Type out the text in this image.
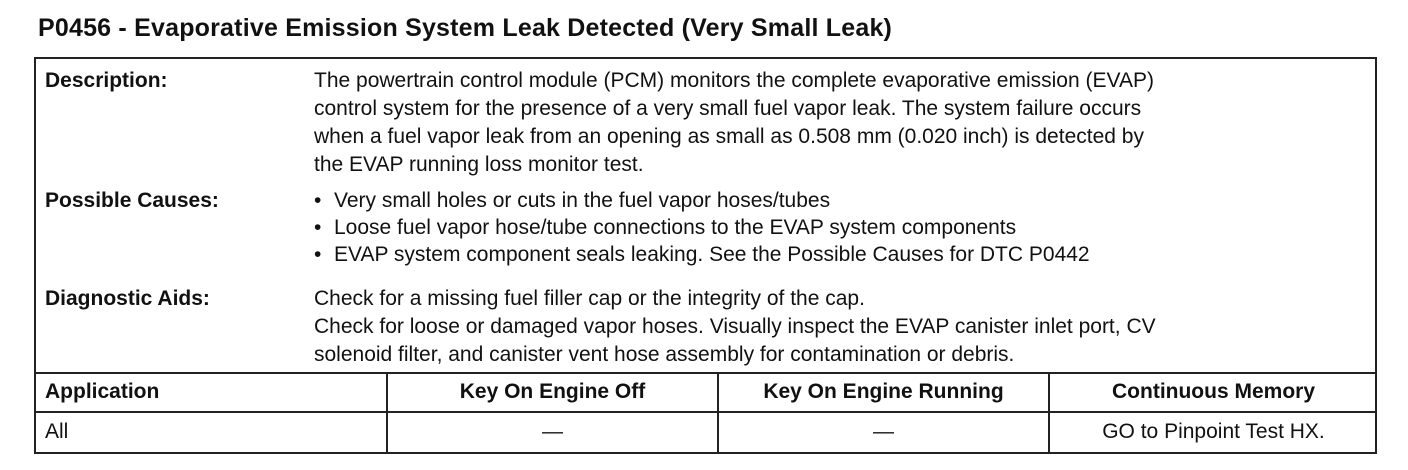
P0456 - Evaporative Emission System Leak Detected (Very Small Leak)
Description:	The powertrain control module (PCM) monitors the complete evaporative emission (EVAP)
control system for the presence of a very small fuel vapor leak. The system failure occurs
when a fuel vapor leak from an opening as small as 0.508 mm (0.020 inch) is detected by
the EVAP running loss monitor test.
Possible Causes:	• Very small holes or cuts in the fuel vapor hoses/tubes
• Loose fuel vapor hose/tube connections to the EVAP system components
• EVAP system component seals leaking. See the Possible Causes for DTC P0442
Diagnostic Aids:	Check for a missing fuel filler cap or the integrity of the cap.
Check for loose or damaged vapor hoses. Visually inspect the EVAP canister inlet port, CV
solenoid filter, and canister vent hose assembly for contamination or debris.
Application	Key On Engine Off	Key On Engine Running	Continuous Memory
All	—	—	GO to Pinpoint Test HX.
